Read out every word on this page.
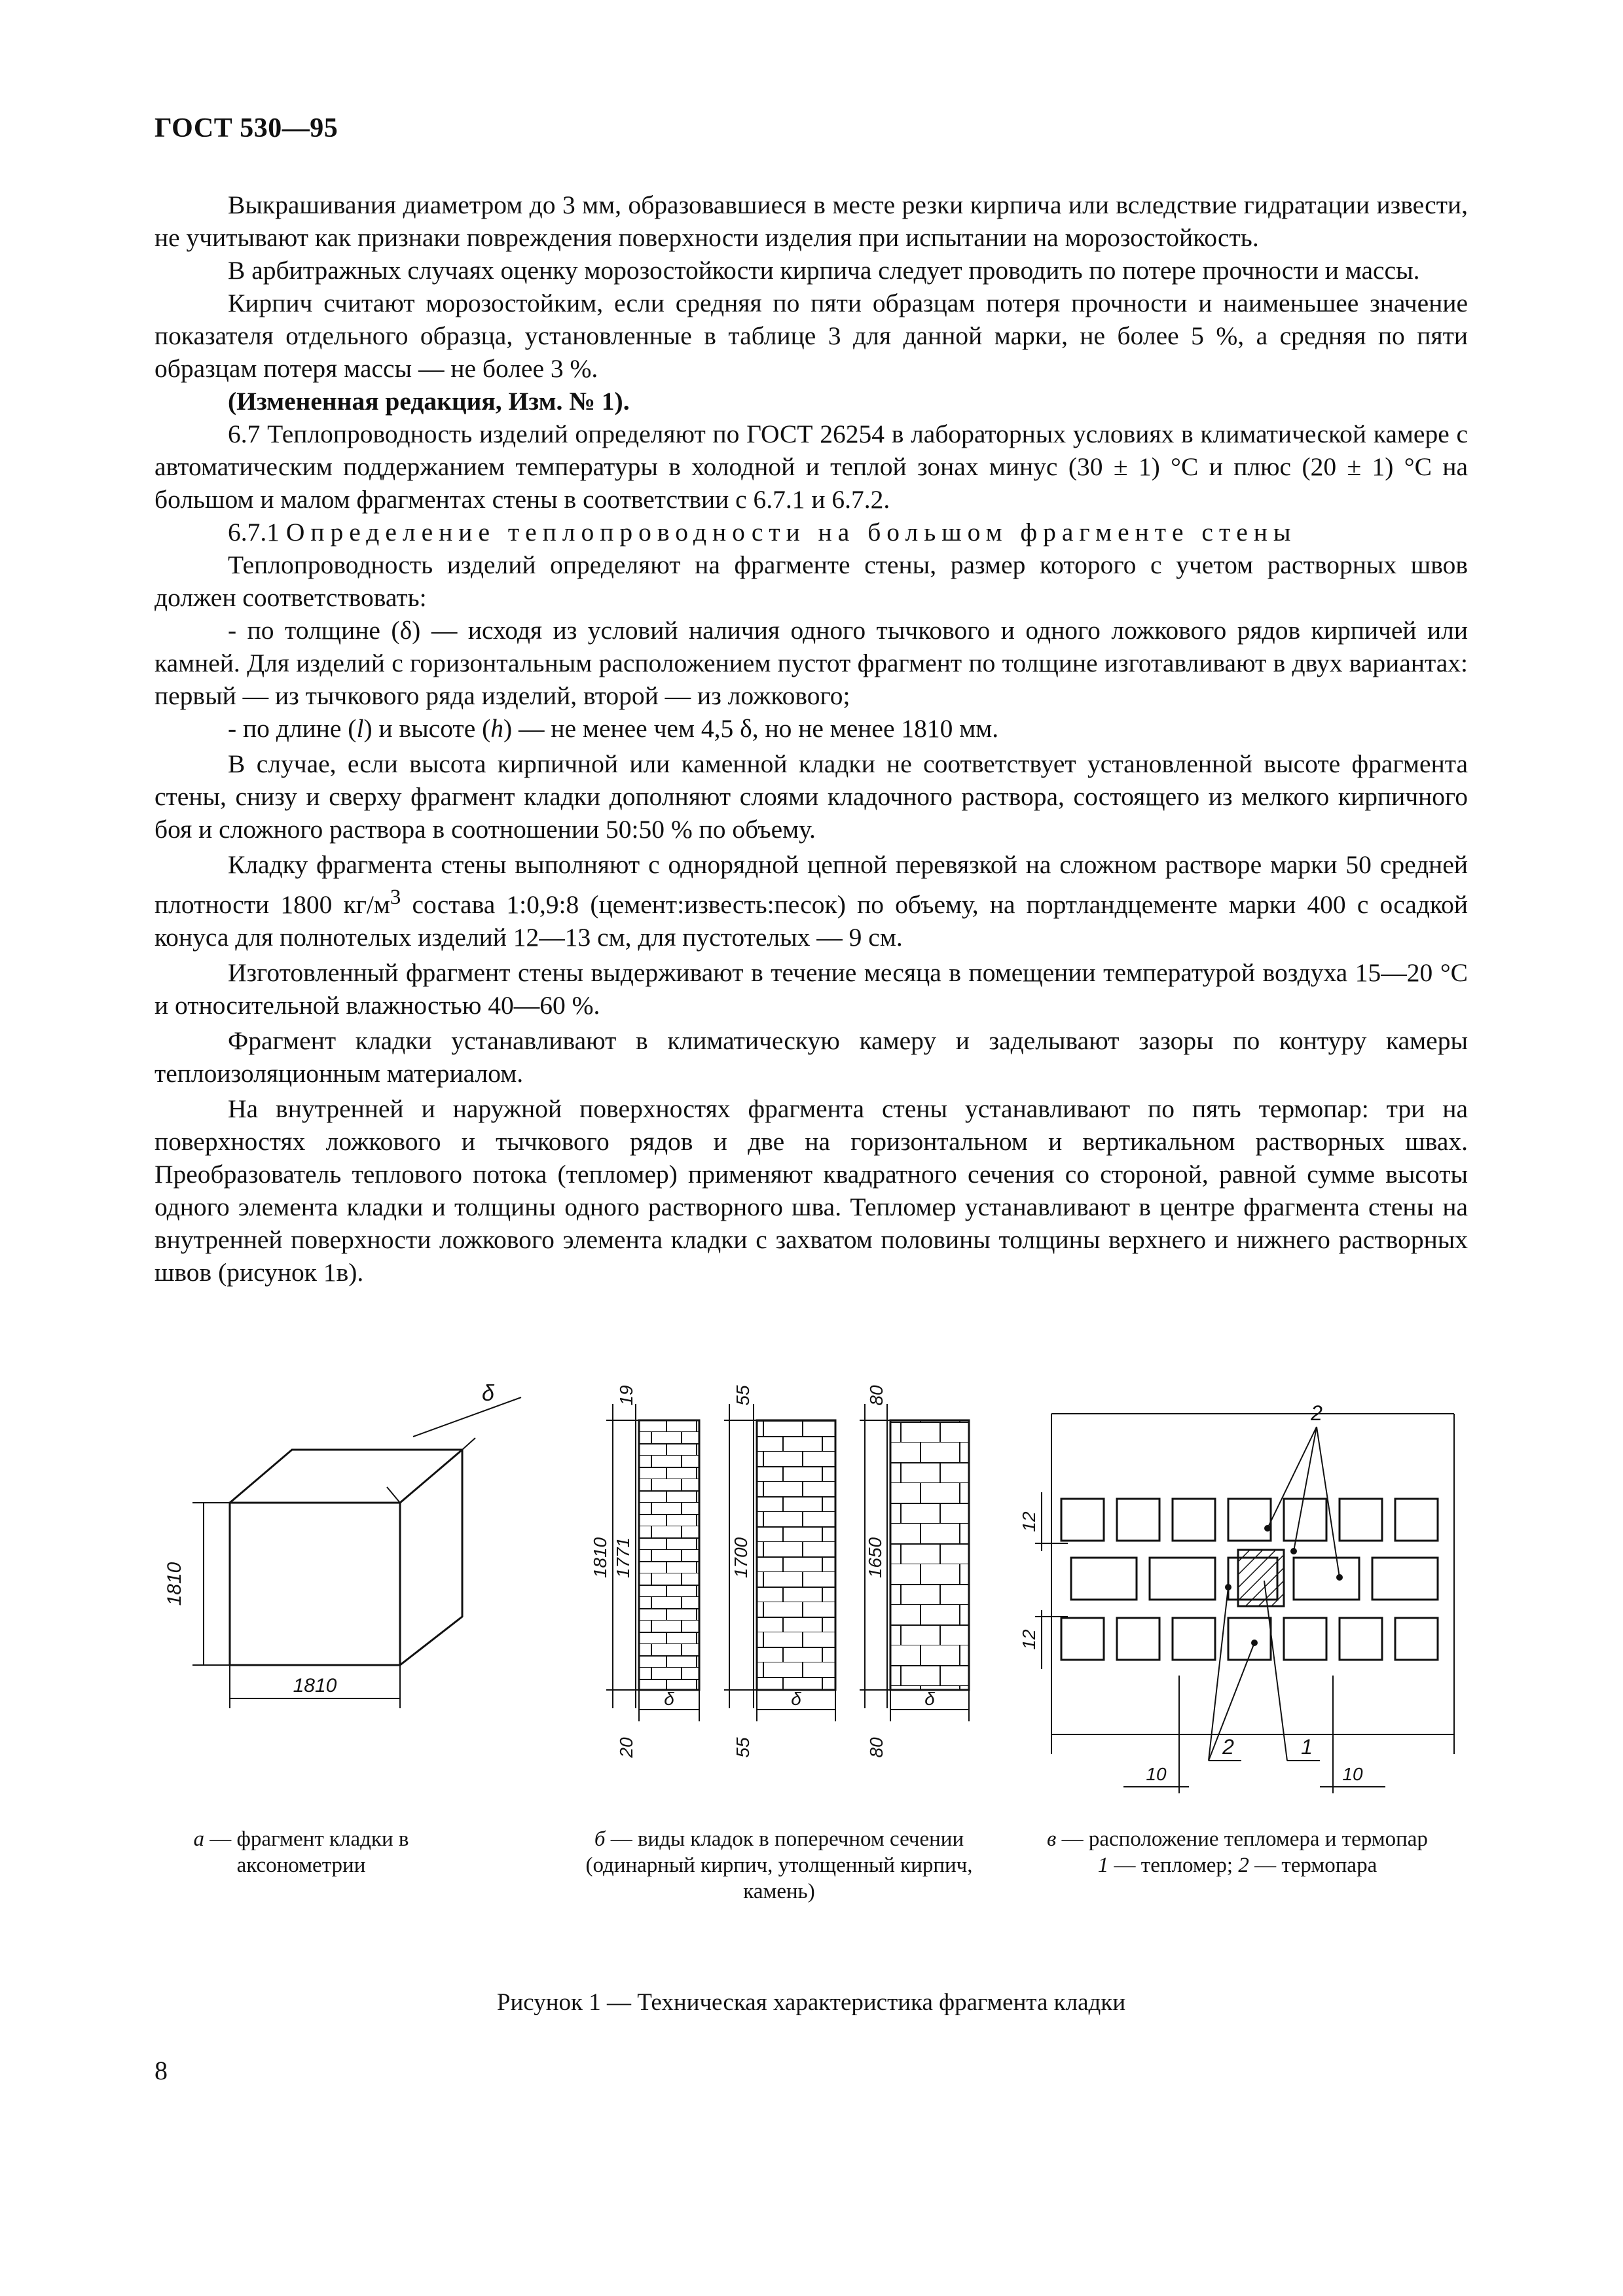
ГОСТ 530—95

Выкрашивания диаметром до 3 мм, образовавшиеся в месте резки кирпича или вследствие гидратации извести, не учитывают как признаки повреждения поверхности изделия при испытании на морозостойкость.

В арбитражных случаях оценку морозостойкости кирпича следует проводить по потере прочности и массы.

Кирпич считают морозостойким, если средняя по пяти образцам потеря прочности и наименьшее значение показателя отдельного образца, установленные в таблице 3 для данной марки, не более 5 %, а средняя по пяти образцам потеря массы — не более 3 %.

(Измененная редакция, Изм. № 1).

6.7 Теплопроводность изделий определяют по ГОСТ 26254 в лабораторных условиях в климатической камере с автоматическим поддержанием температуры в холодной и теплой зонах минус (30 ± 1) °С и плюс (20 ± 1) °С на большом и малом фрагментах стены в соответствии с 6.7.1 и 6.7.2.

6.7.1 Определение теплопроводности на большом фрагменте стены

Теплопроводность изделий определяют на фрагменте стены, размер которого с учетом растворных швов должен соответствовать:

- по толщине (δ) — исходя из условий наличия одного тычкового и одного ложкового рядов кирпичей или камней. Для изделий с горизонтальным расположением пустот фрагмент по толщине изготавливают в двух вариантах: первый — из тычкового ряда изделий, второй — из ложкового;

- по длине (l) и высоте (h) — не менее чем 4,5 δ, но не менее 1810 мм.

В случае, если высота кирпичной или каменной кладки не соответствует установленной высоте фрагмента стены, снизу и сверху фрагмент кладки дополняют слоями кладочного раствора, состоящего из мелкого кирпичного боя и сложного раствора в соотношении 50:50 % по объему.

Кладку фрагмента стены выполняют с однорядной цепной перевязкой на сложном растворе марки 50 средней плотности 1800 $кг/м^3$ состава 1:0,9:8 (цемент:известь:песок) по объему, на портландцементе марки 400 с осадкой конуса для полнотелых изделий 12—13 см, для пустотелых — 9 см.

Изготовленный фрагмент стены выдерживают в течение месяца в помещении температурой воздуха 15—20 °С и относительной влажностью 40—60 %.

Фрагмент кладки устанавливают в климатическую камеру и заделывают зазоры по контуру камеры теплоизоляционным материалом.

На внутренней и наружной поверхностях фрагмента стены устанавливают по пять термопар: три на поверхностях ложкового и тычкового рядов и две на горизонтальном и вертикальном растворных швах. Преобразователь теплового потока (тепломер) применяют квадратного сечения со стороной, равной сумме высоты одного элемента кладки и толщины одного растворного шва. Тепломер устанавливают в центре фрагмента стены на внутренней поверхности ложкового элемента кладки с захватом половины толщины верхнего и нижнего растворных швов (рисунок 1в).

δ
1810
1810
19
1810 1771
20
δ
55
1700
55
δ
80
1650
80
δ
2
2	1
12
12
10	10
а — фрагмент кладки в аксонометрии
б — виды кладок в поперечном сечении (одинарный кирпич, утолщенный кирпич, камень)
в — расположение тепломера и термопар
1 — тепломер; 2 — термопара
Рисунок 1 — Техническая характеристика фрагмента кладки
8
